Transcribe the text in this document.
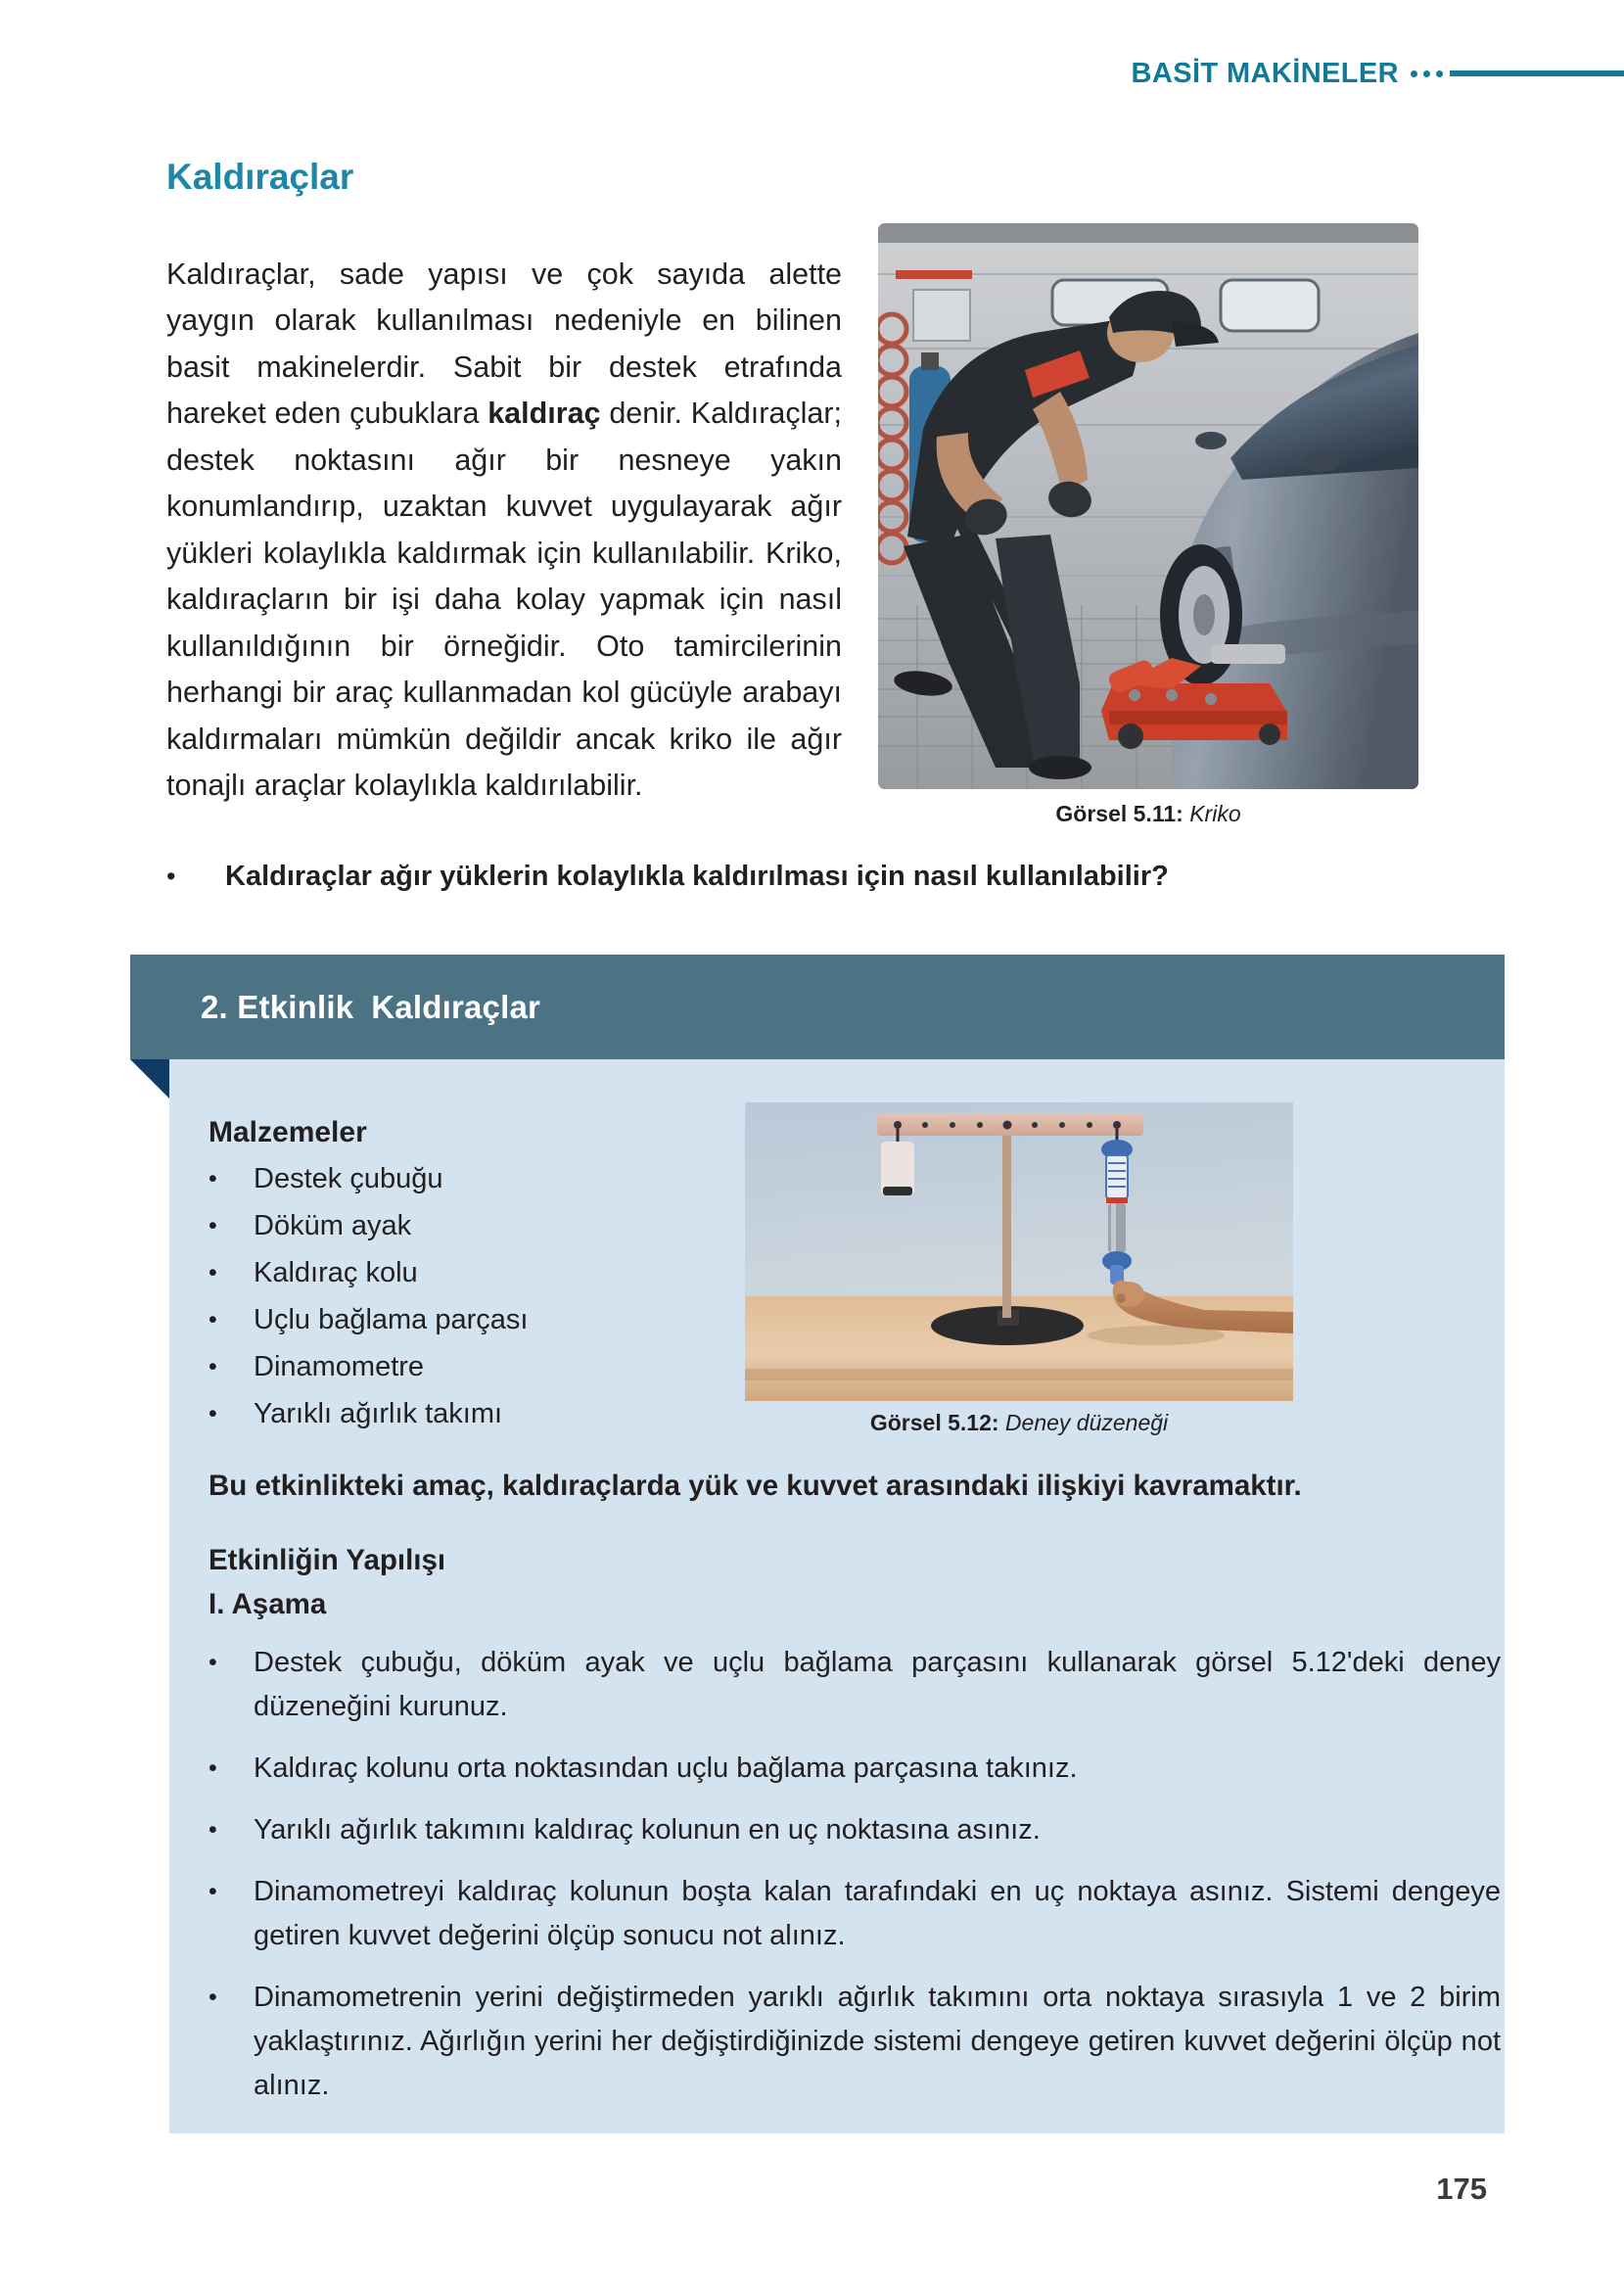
BASİT MAKİNELER
Kaldıraçlar

Kaldıraçlar, sade yapısı ve çok sayıda alette yaygın olarak kullanılması nedeniyle en bilinen basit makinelerdir. Sabit bir destek etrafında hareket eden çubuklara kaldıraç denir. Kaldıraçlar; destek noktasını ağır bir nesneye yakın konumlandırıp, uzaktan kuvvet uygulayarak ağır yükleri kolaylıkla kaldırmak için kullanılabilir. Kriko, kaldıraçların bir işi daha kolay yapmak için nasıl kullanıldığının bir örneğidir. Oto tamircilerinin herhangi bir araç kullanmadan kol gücüyle arabayı kaldırmaları mümkün değildir ancak kriko ile ağır tonajlı araçlar kolaylıkla kaldırılabilir.

Görsel 5.11: Kriko
•	Kaldıraçlar ağır yüklerin kolaylıkla kaldırılması için nasıl kullanılabilir?
2. Etkinlik Kaldıraçlar
Malzemeler
•	Destek çubuğu
•	Döküm ayak
•	Kaldıraç kolu
•	Uçlu bağlama parçası
•	Dinamometre
•	Yarıklı ağırlık takımı	Görsel 5.12: Deney düzeneği
Bu etkinlikteki amaç, kaldıraçlarda yük ve kuvvet arasındaki ilişkiyi kavramaktır.
Etkinliğin Yapılışı
I. Aşama
•	Destek çubuğu, döküm ayak ve uçlu bağlama parçasını kullanarak görsel 5.12'deki deney düzeneğini kurunuz.
•	Kaldıraç kolunu orta noktasından uçlu bağlama parçasına takınız.
•	Yarıklı ağırlık takımını kaldıraç kolunun en uç noktasına asınız.
•	Dinamometreyi kaldıraç kolunun boşta kalan tarafındaki en uç noktaya asınız. Sistemi dengeye getiren kuvvet değerini ölçüp sonucu not alınız.
•	Dinamometrenin yerini değiştirmeden yarıklı ağırlık takımını orta noktaya sırasıyla 1 ve 2 birim yaklaştırınız. Ağırlığın yerini her değiştirdiğinizde sistemi dengeye getiren kuvvet değerini ölçüp not alınız.
175
